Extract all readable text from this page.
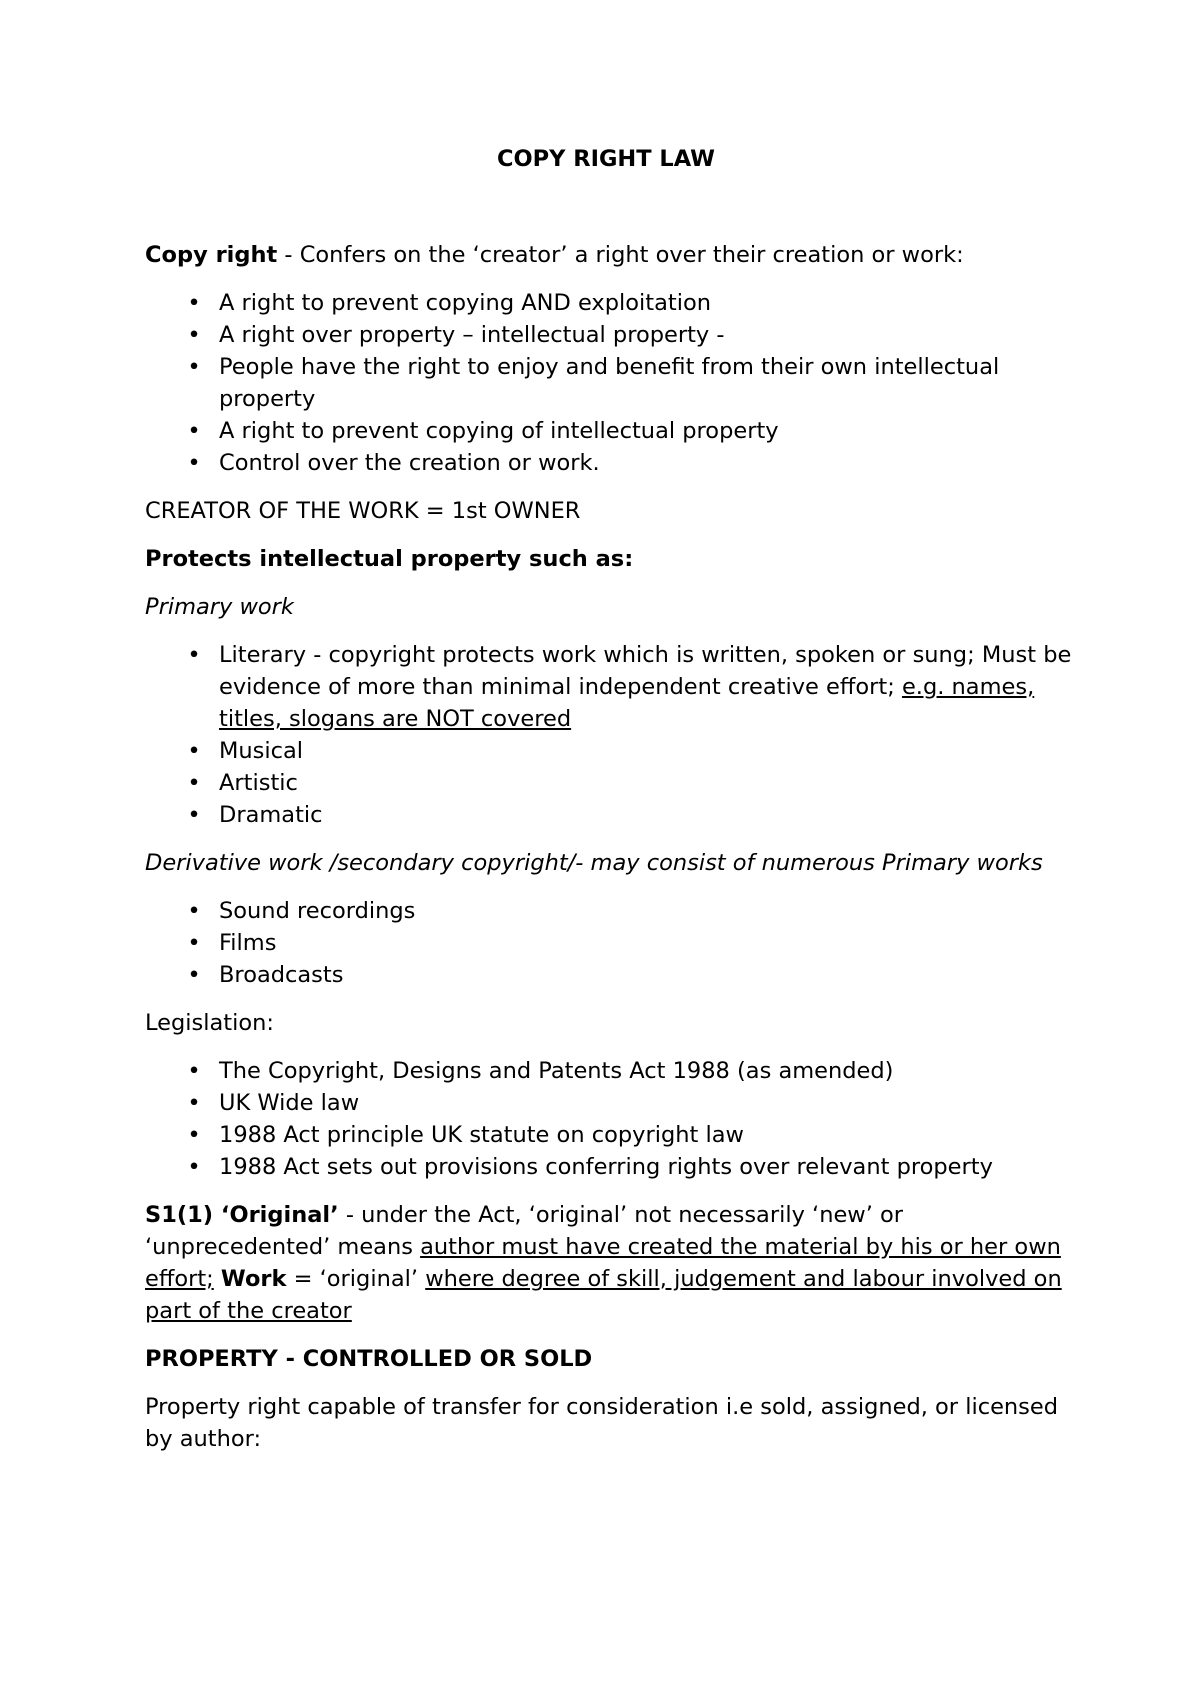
COPY RIGHT LAW

Copy right - Confers on the ‘creator’ a right over their creation or work:

• A right to prevent copying AND exploitation
• A right over property – intellectual property -
• People have the right to enjoy and benefit from their own intellectual property
• A right to prevent copying of intellectual property
• Control over the creation or work.

CREATOR OF THE WORK = 1st OWNER

Protects intellectual property such as:

Primary work

• Literary - copyright protects work which is written, spoken or sung; Must be evidence of more than minimal independent creative effort; e.g. names, titles, slogans are NOT covered
• Musical
• Artistic
• Dramatic

Derivative work /secondary copyright/- may consist of numerous Primary works

• Sound recordings
• Films
• Broadcasts

Legislation:

• The Copyright, Designs and Patents Act 1988 (as amended)
• UK Wide law
• 1988 Act principle UK statute on copyright law
• 1988 Act sets out provisions conferring rights over relevant property

S1(1) ‘Original’ - under the Act, ‘original’ not necessarily ‘new’ or ‘unprecedented’ means author must have created the material by his or her own effort; Work = ‘original’ where degree of skill, judgement and labour involved on part of the creator

PROPERTY - CONTROLLED OR SOLD

Property right capable of transfer for consideration i.e sold, assigned, or licensed by author:
